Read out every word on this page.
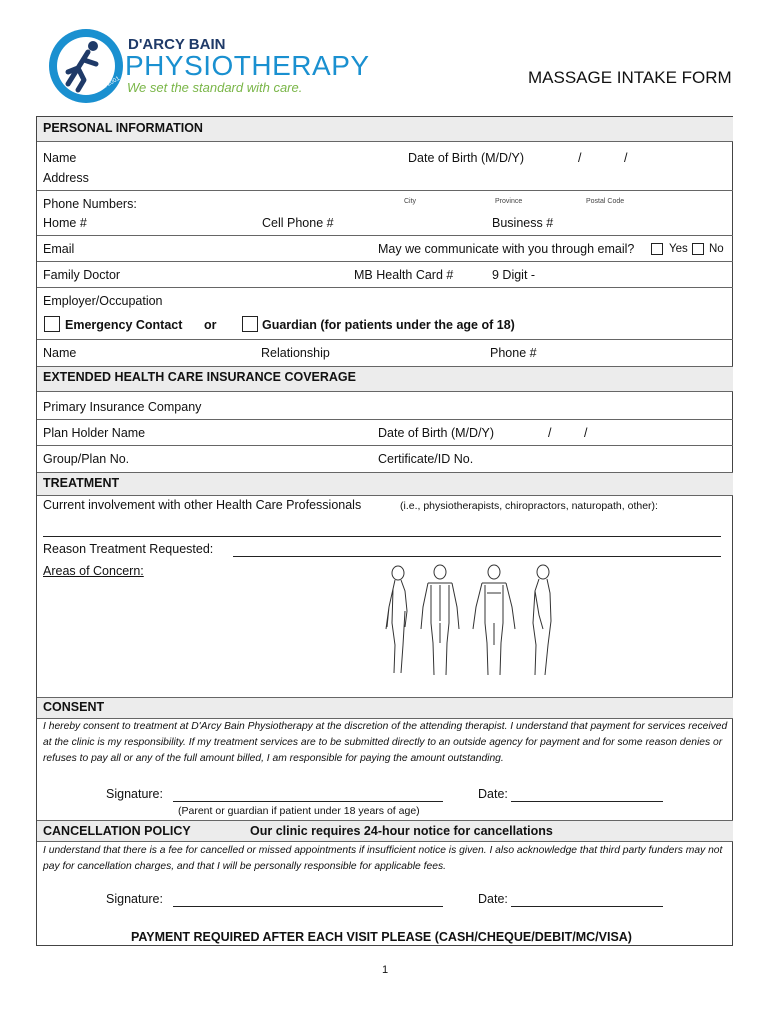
Est. 2001
D'ARCY BAIN
PHYSIOTHERAPY
We set the standard with care.
MASSAGE INTAKE FORM
PERSONAL INFORMATION
Name	Date of Birth (M/D/Y)	/	/
Address
City	Province	Postal Code
Phone Numbers:
Home #	Cell Phone #	Business #
Email	May we communicate with you through email?	Yes No
Family Doctor	MB Health Card #	9 Digit -
Employer/Occupation
Emergency Contact or	Guardian (for patients under the age of 18)
Name	Relationship	Phone #
EXTENDED HEALTH CARE INSURANCE COVERAGE
Primary Insurance Company
Plan Holder Name	Date of Birth (M/D/Y)	/	/
Group/Plan No.	Certificate/ID No.
TREATMENT
Current involvement with other Health Care Professionals	(i.e., physiotherapists, chiropractors, naturopath, other):
Reason Treatment Requested:
Areas of Concern:
CONSENT
I hereby consent to treatment at D'Arcy Bain Physiotherapy at the discretion of the attending therapist. I understand that payment for services received at the clinic is my responsibility. If my treatment services are to be submitted directly to an outside agency for payment and for some reason denies or refuses to pay all or any of the full amount billed, I am responsible for paying the amount outstanding.
Signature:	Date:
(Parent or guardian if patient under 18 years of age)
CANCELLATION POLICY	Our clinic requires 24-hour notice for cancellations
I understand that there is a fee for cancelled or missed appointments if insufficient notice is given. I also acknowledge that third party funders may not pay for cancellation charges, and that I will be personally responsible for applicable fees.
Signature:	Date:
PAYMENT REQUIRED AFTER EACH VISIT PLEASE (CASH/CHEQUE/DEBIT/MC/VISA)
1
